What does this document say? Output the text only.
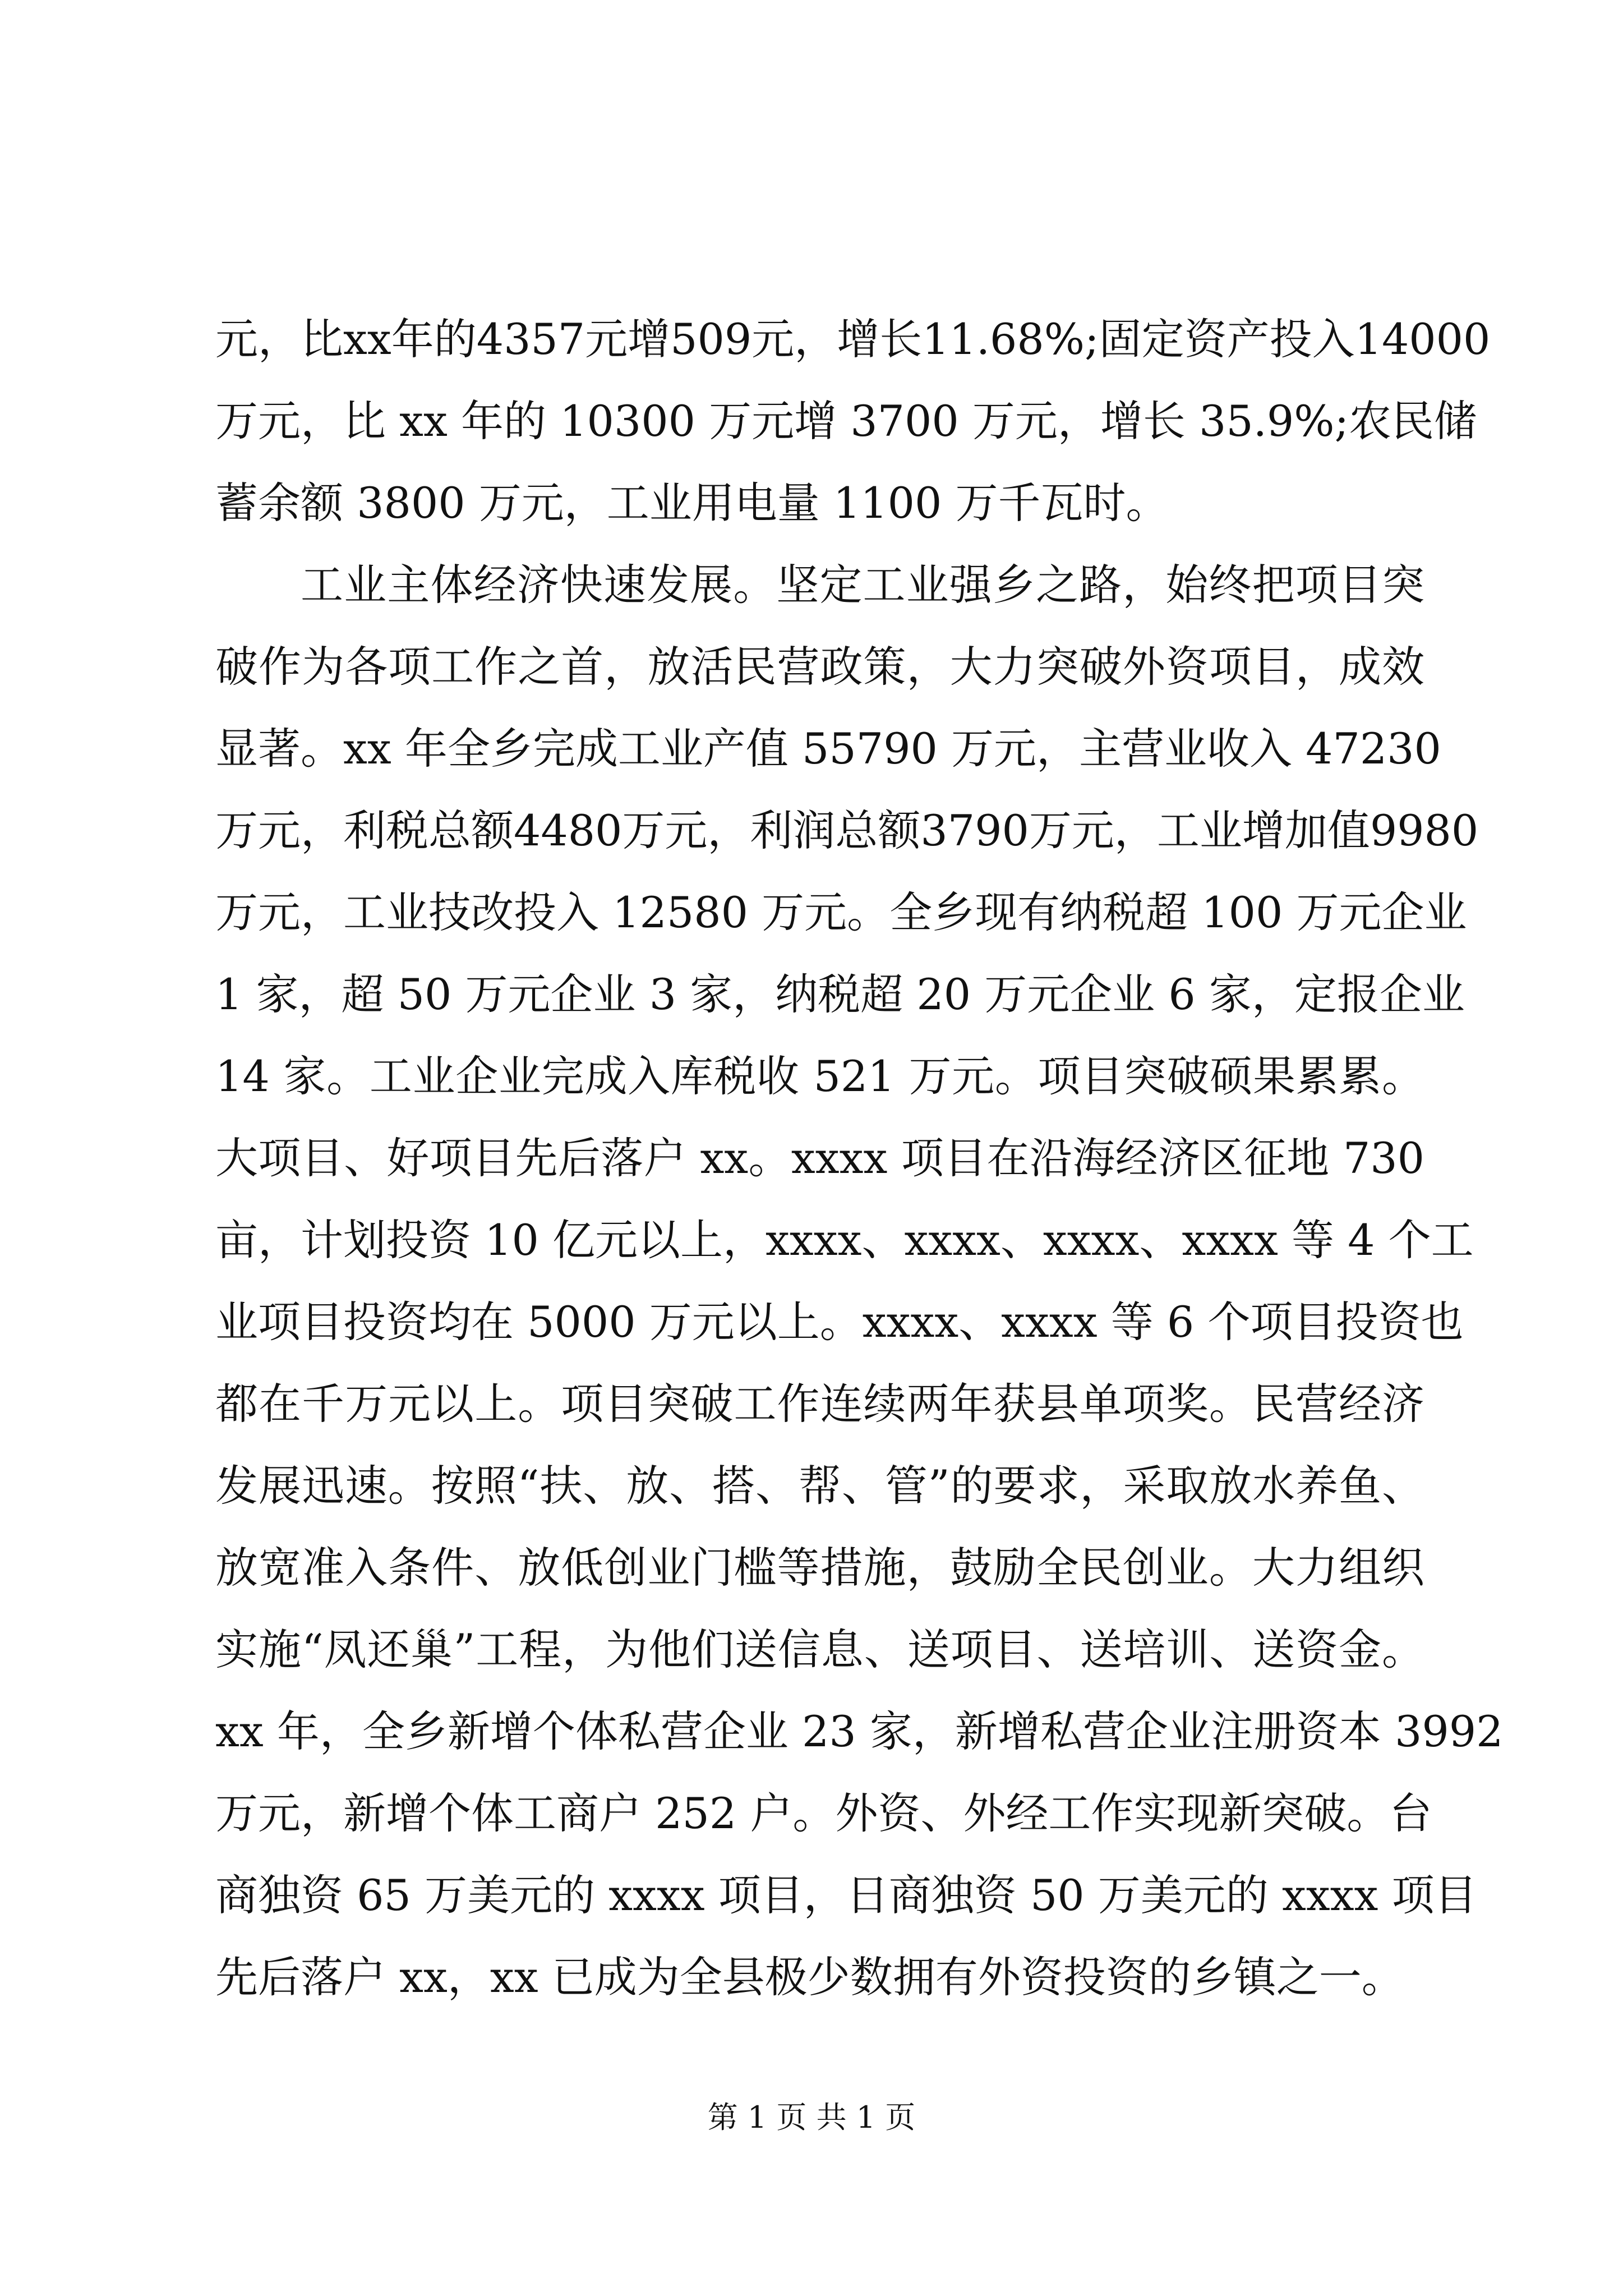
元，比xx年的4357元增509元，增长11.68%;固定资产投入14000
万元，比 xx 年的 10300 万元增 3700 万元，增长 35.9%;农民储
蓄余额 3800 万元，工业用电量 1100 万千瓦时。
工业主体经济快速发展。坚定工业强乡之路，始终把项目突
破作为各项工作之首，放活民营政策，大力突破外资项目，成效
显著。xx 年全乡完成工业产值 55790 万元，主营业收入 47230
万元，利税总额4480万元，利润总额3790万元，工业增加值9980
万元，工业技改投入 12580 万元。全乡现有纳税超 100 万元企业
1 家，超 50 万元企业 3 家，纳税超 20 万元企业 6 家，定报企业
14 家。工业企业完成入库税收 521 万元。项目突破硕果累累。
大项目、好项目先后落户 xx。xxxx 项目在沿海经济区征地 730
亩，计划投资 10 亿元以上，xxxx、xxxx、xxxx、xxxx 等 4 个工
业项目投资均在 5000 万元以上。xxxx、xxxx 等 6 个项目投资也
都在千万元以上。项目突破工作连续两年获县单项奖。民营经济
发展迅速。按照“扶、放、搭、帮、管”的要求，采取放水养鱼、
放宽准入条件、放低创业门槛等措施，鼓励全民创业。大力组织
实施“凤还巢”工程，为他们送信息、送项目、送培训、送资金。
xx 年，全乡新增个体私营企业 23 家，新增私营企业注册资本 3992
万元，新增个体工商户 252 户。外资、外经工作实现新突破。台
商独资 65 万美元的 xxxx 项目，日商独资 50 万美元的 xxxx 项目
先后落户 xx，xx 已成为全县极少数拥有外资投资的乡镇之一。
第 1 页 共 1 页
